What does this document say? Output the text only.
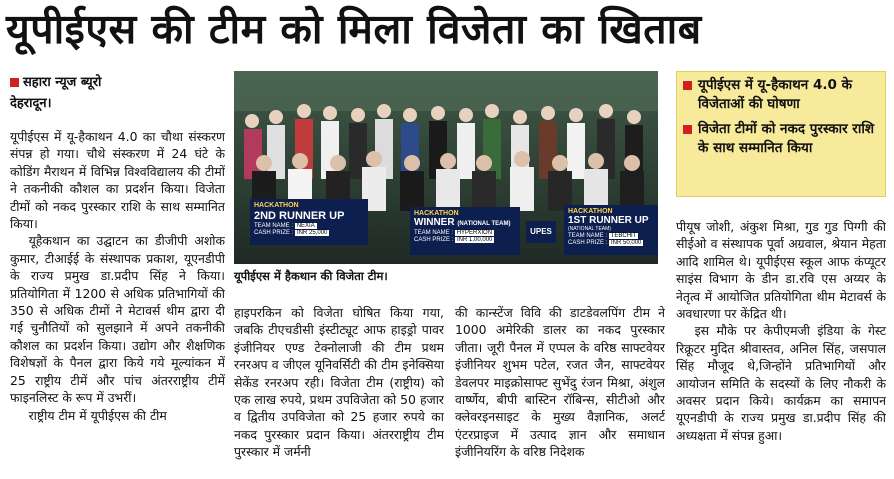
यूपीईएस की टीम को मिला विजेता का खिताब
सहारा न्यूज ब्यूरो
देहरादून।

यूपीईएस में यू-हैकाथन 4.0 का चौथा संस्करण संपन्न हो गया। चौथे संस्करण में 24 घंटे के कोडिंग मैराथन में विभिन्न विश्वविद्यालय की टीमों ने तकनीकी कौशल का प्रदर्शन किया। विजेता टीमों को नकद पुरस्कार राशि के साथ सम्मानित किया।

यूहैकथान का उद्घाटन का डीजीपी अशोक कुमार, टीआईई के संस्थापक प्रकाश, यूएनडीपी के राज्य प्रमुख डा.प्रदीप सिंह ने किया। प्रतियोगिता में 1200 से अधिक प्रतिभागियों की 350 से अधिक टीमों ने मेटावर्स थीम द्वारा दी गई चुनौतियों को सुलझाने में अपने तकनीकी कौशल का प्रदर्शन किया। उद्योग और शैक्षणिक विशेषज्ञों के पैनल द्वारा किये गये मूल्यांकन में 25 राष्ट्रीय टीमें और पांच अंतरराष्ट्रीय टीमें फाइनलिस्ट के रूप में उभरीं।

राष्ट्रीय टीम में यूपीईएस की टीम

HACKATHON
2ND RUNNER UP
TEAM NAME : NEXIA
CASH PRIZE : INR 25,000
HACKATHON
WINNER (NATIONAL TEAM)
TEAM NAME : HYPERXION
CASH PRIZE : INR 1,00,000
HACKATHON
1ST RUNNER UP
(NATIONAL TEAM)
TEAM NAME : TEBCHIT
CASH PRIZE : INR 50,000
UPES
यूपीईएस में हैकथान की विजेता टीम।
यूपीईएस में यू-हैकाथन 4.0 के विजेताओं की घोषणा
विजेता टीमों को नकद पुरस्कार राशि के साथ सम्मानित किया

हाइपरकिन को विजेता घोषित किया गया, जबकि टीएचडीसी इंस्टीट्यूट आफ हाइड्रो पावर इंजीनियर एण्ड टेक्नोलाजी की टीम प्रथम रनरअप व जीएल यूनिवर्सिटी की टीम इनेक्सिया सेकेंड रनरअप रही। विजेता टीम (राष्ट्रीय) को एक लाख रुपये, प्रथम उपविजेता को 50 हजार व द्वितीय उपविजेता को 25 हजार रुपये का नकद पुरस्कार प्रदान किया। अंतरराष्ट्रीय टीम पुरस्कार में जर्मनी

की कान्स्टेंज विवि की डाटडेवलपिंग टीम ने 1000 अमेरिकी डालर का नकद पुरस्कार जीता। जूरी पैनल में एप्पल के वरिष्ठ साफ्टवेयर इंजीनियर शुभम पटेल, रजत जैन, साफ्टवेयर डेवलपर माइक्रोसाफ्ट सुभेंदु रंजन मिश्रा, अंशुल वार्ष्णेय, बीपी बास्टिन रॉबिन्स, सीटीओ और क्लेवरइनसाइट के मुख्य वैज्ञानिक, अलर्ट एंटरप्राइज में उत्पाद ज्ञान और समाधान इंजीनियरिंग के वरिष्ठ निदेशक

पीयूष जोशी, अंकुश मिश्रा, गुड गुड पिग्गी की सीईओ व संस्थापक पूर्वा अग्रवाल, श्रेयान मेहता आदि शामिल थे। यूपीईएस स्कूल आफ कंप्यूटर साइंस विभाग के डीन डा.रवि एस अय्यर के नेतृत्व में आयोजित प्रतियोगिता थीम मेटावर्स के अवधारणा पर केंद्रित थी।

इस मौके पर केपीएमजी इंडिया के गेस्ट रिक्रूटर मुदित श्रीवास्तव, अनिल सिंह, जसपाल सिंह मौजूद थे,जिन्होंने प्रतिभागियों और आयोजन समिति के सदस्यों के लिए नौकरी के अवसर प्रदान किये। कार्यक्रम का समापन यूएनडीपी के राज्य प्रमुख डा.प्रदीप सिंह की अध्यक्षता में संपन्न हुआ।
